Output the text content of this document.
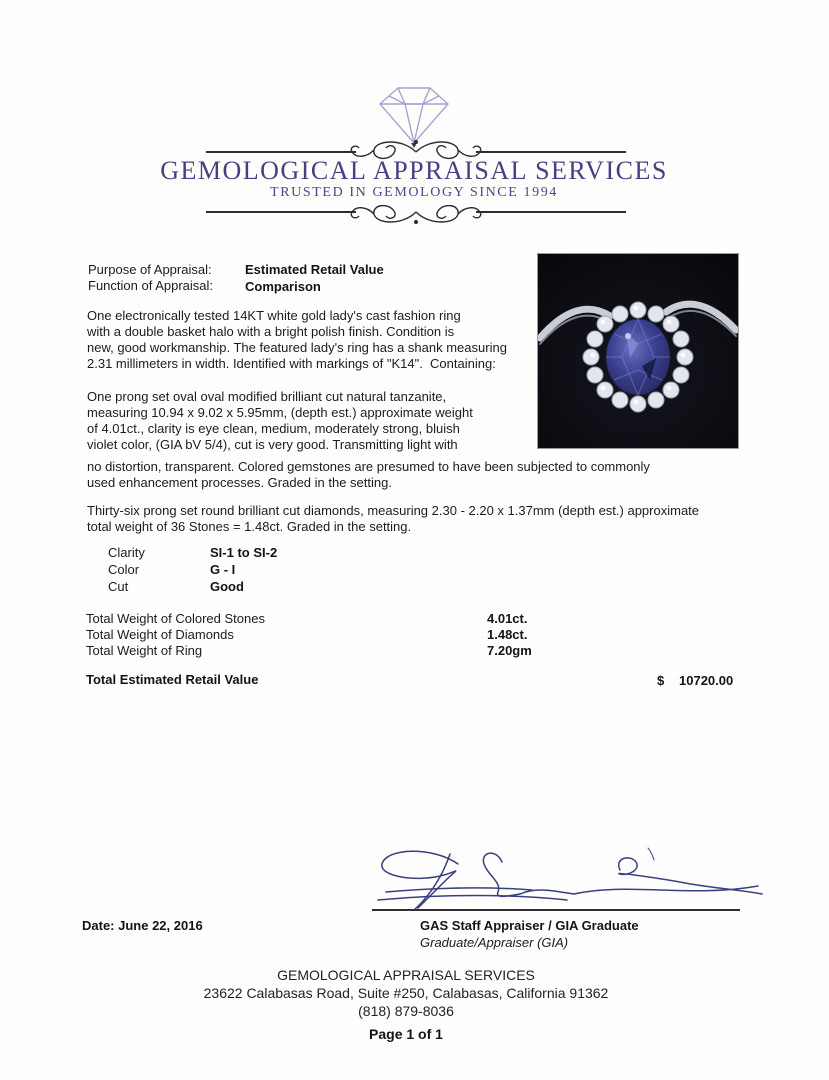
GEMOLOGICAL APPRAISAL SERVICES
TRUSTED IN GEMOLOGY SINCE 1994
Purpose of Appraisal:	Estimated Retail Value
Function of Appraisal: Comparison
One electronically tested 14KT white gold lady's cast fashion ring
with a double basket halo with a bright polish finish. Condition is
new, good workmanship. The featured lady's ring has a shank measuring
2.31 millimeters in width. Identified with markings of "K14".  Containing:
One prong set oval oval modified brilliant cut natural tanzanite,
measuring 10.94 x 9.02 x 5.95mm, (depth est.) approximate weight
of 4.01ct., clarity is eye clean, medium, moderately strong, bluish
violet color, (GIA bV 5/4), cut is very good. Transmitting light with
no distortion, transparent. Colored gemstones are presumed to have been subjected to commonly
used enhancement processes. Graded in the setting.
Thirty-six prong set round brilliant cut diamonds, measuring 2.30 - 2.20 x 1.37mm (depth est.) approximate
total weight of 36 Stones = 1.48ct. Graded in the setting.
Clarity	SI-1 to SI-2
Color	G - I
Cut	Good
Total Weight of Colored Stones	4.01ct.
Total Weight of Diamonds	1.48ct.
Total Weight of Ring	7.20gm
Total Estimated Retail Value	$ 10720.00
Date: June 22, 2016	GAS Staff Appraiser / GIA Graduate
Graduate/Appraiser (GIA)
GEMOLOGICAL APPRAISAL SERVICES
23622 Calabasas Road, Suite #250, Calabasas, California 91362
(818) 879-8036
Page 1 of 1
